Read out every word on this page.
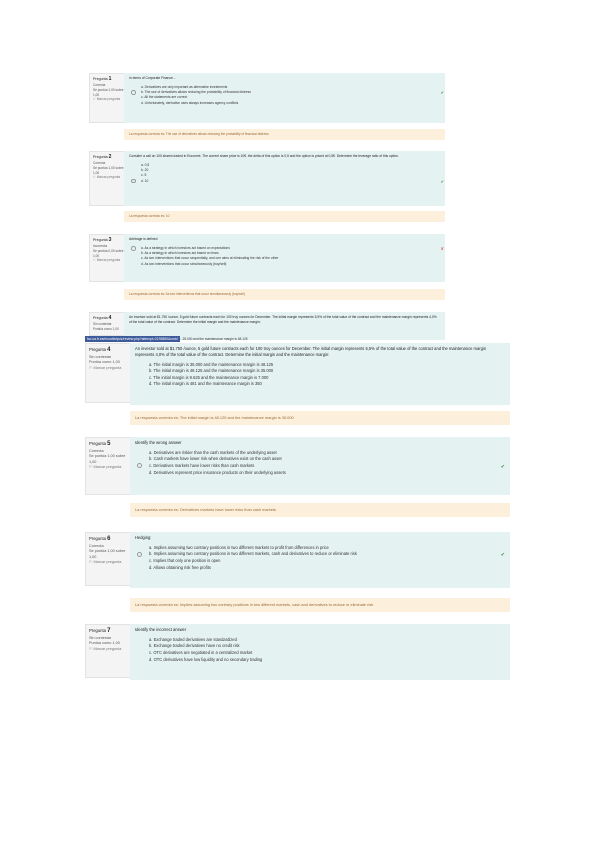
Pregunta 1
Correcta
Se puntúa 1,00 sobre 1,00
⚐ Marcar pregunta
In terms of Corporate Finance...
a. Derivatives are only important as alternative investments
b. The use of derivatives allows reducing the probability of financial distress	✔
c. All the statements are correct
d. Unfortunately, derivative uses always increases agency conflicts
La respuesta correcta es: The use of derivatives allows reducing the probability of financial distress
Pregunta 2
Correcta
Se puntúa 1,00 sobre 1,00
⚐ Marcar pregunta
Consider a call on 100 shares traded in Euronext. The current share price is 10€, the delta of this option is 0,5 and the option is priced at 0,5€. Determine the leverage ratio of this option.
a. 0,5
b. 20
c. 5
d. 10	✔
La respuesta correcta es: 10
Pregunta 3
Incorrecta
Se puntúa 0,00 sobre 1,00
⚐ Marcar pregunta
Arbitrage is defined
a. As a strategy in which investors act based on expectations	✘
b. As a strategy in which investors act based on fears
c. As two interventions that occur sequentially, and one aims at eliminating the risk of the other
d. As two interventions that occur simultaneously (buy/sell)
La respuesta correcta es: As two interventions that occur simultaneously (buy/sell)
Pregunta 4
Sin contestar
Puntúa como 1,00
An investor sold at $1.750 /ounce, 5 gold future contracts each for 100 troy ounces for December. The initial margin represents 5,5% of the total value of the contract and the maintenance margin represents 4,0% of the total value of the contract. Determine the initial margin and the maintenance margin:
fsc.ua.fr.es/moodle/quiz/review.php?attempt=2195850&cmid ...25.000 and the maintenance margin is 48.125
Pregunta 4
Sin contestar
Puntúa como 1,00
⚐ Marcar pregunta
An investor sold at $1.750 /ounce, 5 gold future contracts each for 100 troy ounces for December. The initial margin represents 5,5% of the total value of the contract and the maintenance margin represents 4,0% of the total value of the contract. Determine the initial margin and the maintenance margin:
a. The initial margin is 35.000 and the maintenance margin is 48.125
b. The initial margin is 48.125 and the maintenance margin is 35.000
c. The initial margin is 9.625 and the maintenance margin is 7.000
d. The initial margin is 481 and the maintenance margin is 350
La respuesta correcta es: The initial margin is 48.125 and the maintenance margin is 35.000
Pregunta 5
Correcta
Se puntúa 1,00 sobre 1,00
⚐ Marcar pregunta
Identify the wrong answer
a. Derivatives are riskier than the cash markets of the underlying asset
b. Cash markets have lower risk when derivatives exist on the cash asset
c. Derivatives markets have lower risks than cash markets	✔
d. Derivatives represent price insurance products on their underlying assets
La respuesta correcta es: Derivatives markets have lower risks than cash markets
Pregunta 6
Correcta
Se puntúa 1,00 sobre 1,00
⚐ Marcar pregunta
Hedging:
a. Implies assuming two contrary positions in two different markets to profit from differences in price
b. Implies assuming two contrary positions in two different markets, cash and derivatives to reduce or eliminate risk	✔
c. Implies that only one position is open
d. Allows obtaining risk free profits
La respuesta correcta es: Implies assuming two contrary positions in two different markets, cash and derivatives to reduce or eliminate risk
Pregunta 7
Sin contestar
Puntúa como 1,00
⚐ Marcar pregunta
Identify the incorrect answer
a. Exchange traded derivatives are standardized
b. Exchange traded derivatives have no credit risk
c. OTC derivatives are negotiated in a centralized market
d. OTC derivatives have low liquidity and no secondary trading
